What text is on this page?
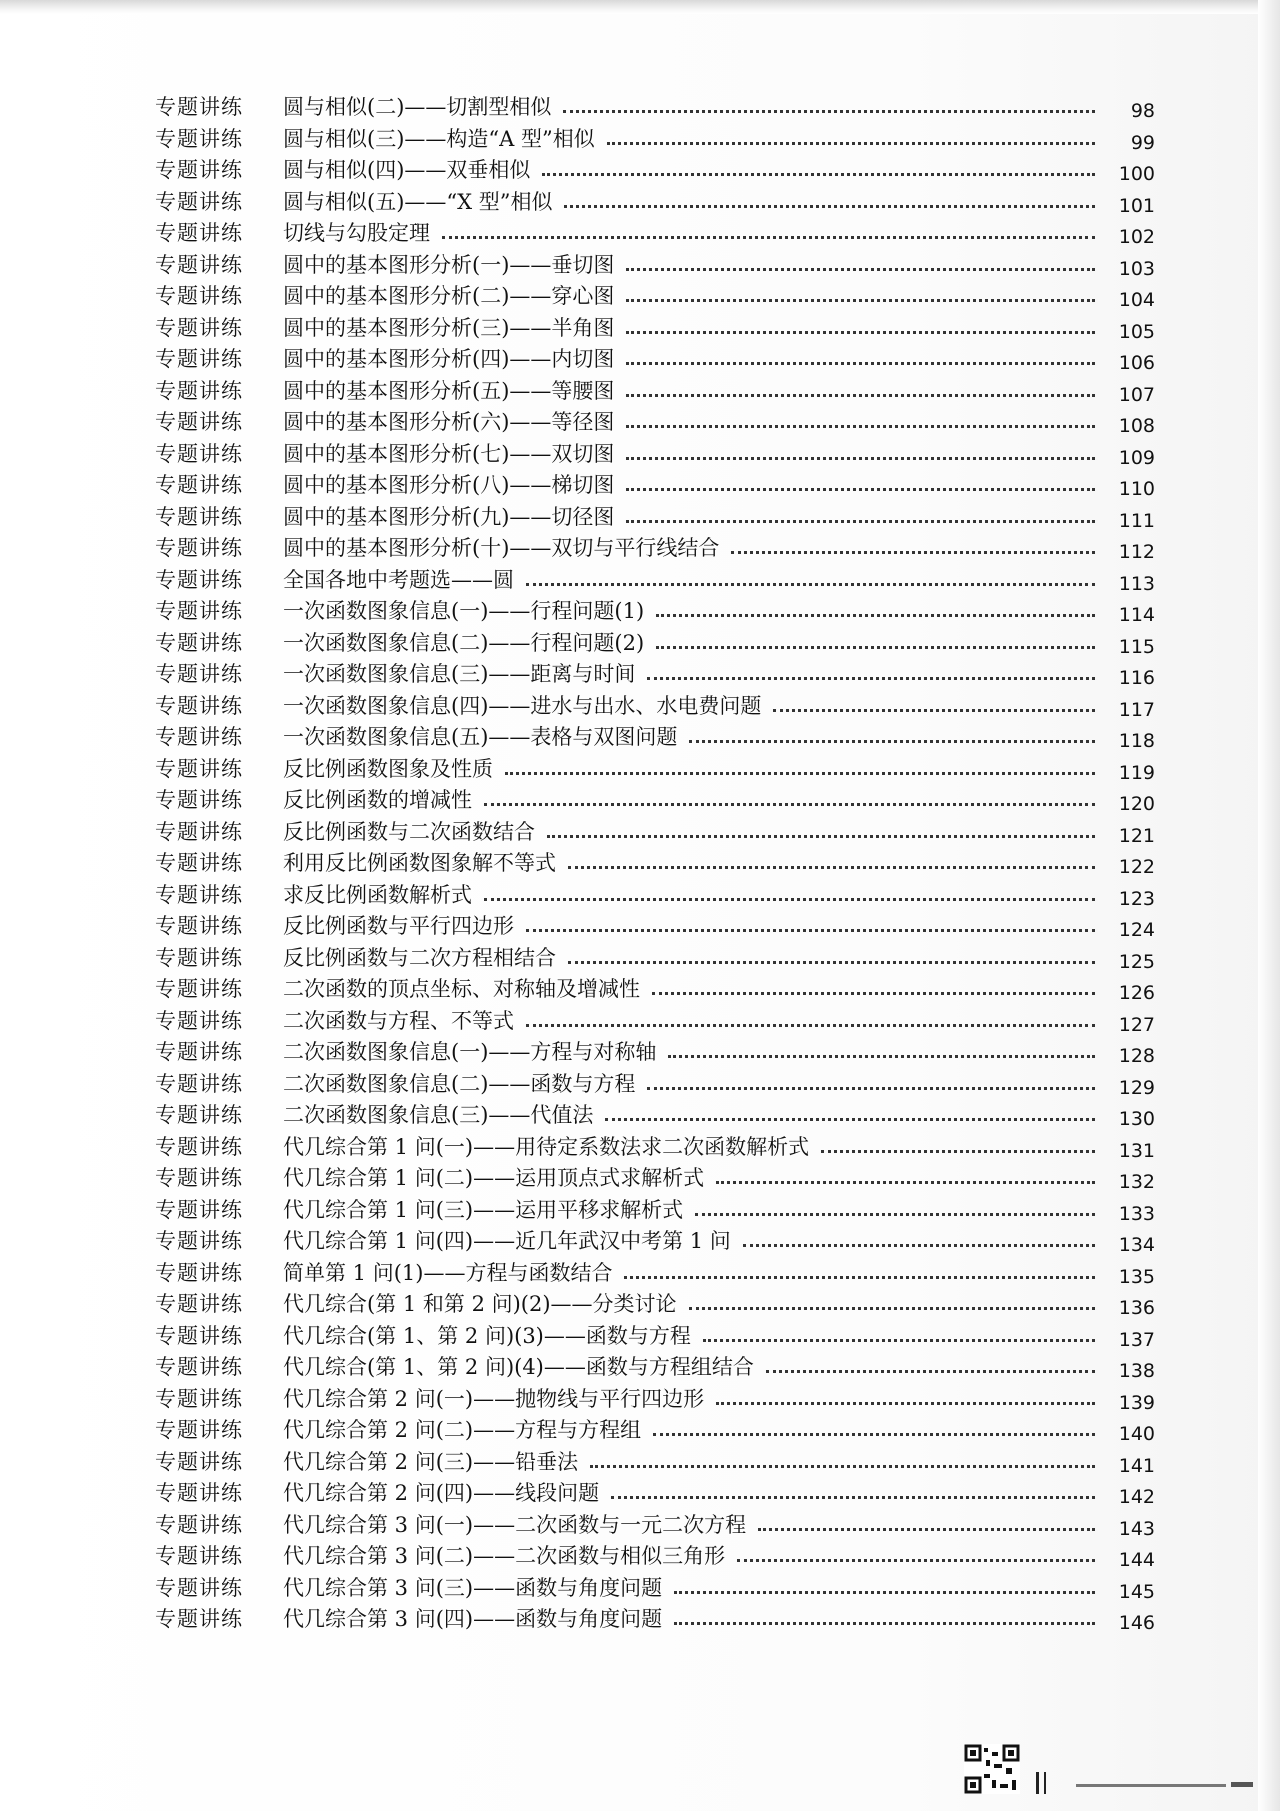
专题讲练	圆与相似(二)——切割型相似	98
专题讲练	圆与相似(三)——构造“A 型”相似	99
专题讲练	圆与相似(四)——双垂相似	100
专题讲练	圆与相似(五)——“X 型”相似	101
专题讲练	切线与勾股定理	102
专题讲练	圆中的基本图形分析(一)——垂切图	103
专题讲练	圆中的基本图形分析(二)——穿心图	104
专题讲练	圆中的基本图形分析(三)——半角图	105
专题讲练	圆中的基本图形分析(四)——内切图	106
专题讲练	圆中的基本图形分析(五)——等腰图	107
专题讲练	圆中的基本图形分析(六)——等径图	108
专题讲练	圆中的基本图形分析(七)——双切图	109
专题讲练	圆中的基本图形分析(八)——梯切图	110
专题讲练	圆中的基本图形分析(九)——切径图	111
专题讲练	圆中的基本图形分析(十)——双切与平行线结合	112
专题讲练	全国各地中考题选——圆	113
专题讲练	一次函数图象信息(一)——行程问题(1)	114
专题讲练	一次函数图象信息(二)——行程问题(2)	115
专题讲练	一次函数图象信息(三)——距离与时间	116
专题讲练	一次函数图象信息(四)——进水与出水、水电费问题	117
专题讲练	一次函数图象信息(五)——表格与双图问题	118
专题讲练	反比例函数图象及性质	119
专题讲练	反比例函数的增减性	120
专题讲练	反比例函数与二次函数结合	121
专题讲练	利用反比例函数图象解不等式	122
专题讲练	求反比例函数解析式	123
专题讲练	反比例函数与平行四边形	124
专题讲练	反比例函数与二次方程相结合	125
专题讲练	二次函数的顶点坐标、对称轴及增减性	126
专题讲练	二次函数与方程、不等式	127
专题讲练	二次函数图象信息(一)——方程与对称轴	128
专题讲练	二次函数图象信息(二)——函数与方程	129
专题讲练	二次函数图象信息(三)——代值法	130
专题讲练	代几综合第 1 问(一)——用待定系数法求二次函数解析式	131
专题讲练	代几综合第 1 问(二)——运用顶点式求解析式	132
专题讲练	代几综合第 1 问(三)——运用平移求解析式	133
专题讲练	代几综合第 1 问(四)——近几年武汉中考第 1 问	134
专题讲练	简单第 1 问(1)——方程与函数结合	135
专题讲练	代几综合(第 1 和第 2 问)(2)——分类讨论	136
专题讲练	代几综合(第 1、第 2 问)(3)——函数与方程	137
专题讲练	代几综合(第 1、第 2 问)(4)——函数与方程组结合	138
专题讲练	代几综合第 2 问(一)——抛物线与平行四边形	139
专题讲练	代几综合第 2 问(二)——方程与方程组	140
专题讲练	代几综合第 2 问(三)——铅垂法	141
专题讲练	代几综合第 2 问(四)——线段问题	142
专题讲练	代几综合第 3 问(一)——二次函数与一元二次方程	143
专题讲练	代几综合第 3 问(二)——二次函数与相似三角形	144
专题讲练	代几综合第 3 问(三)——函数与角度问题	145
专题讲练	代几综合第 3 问(四)——函数与角度问题	146
